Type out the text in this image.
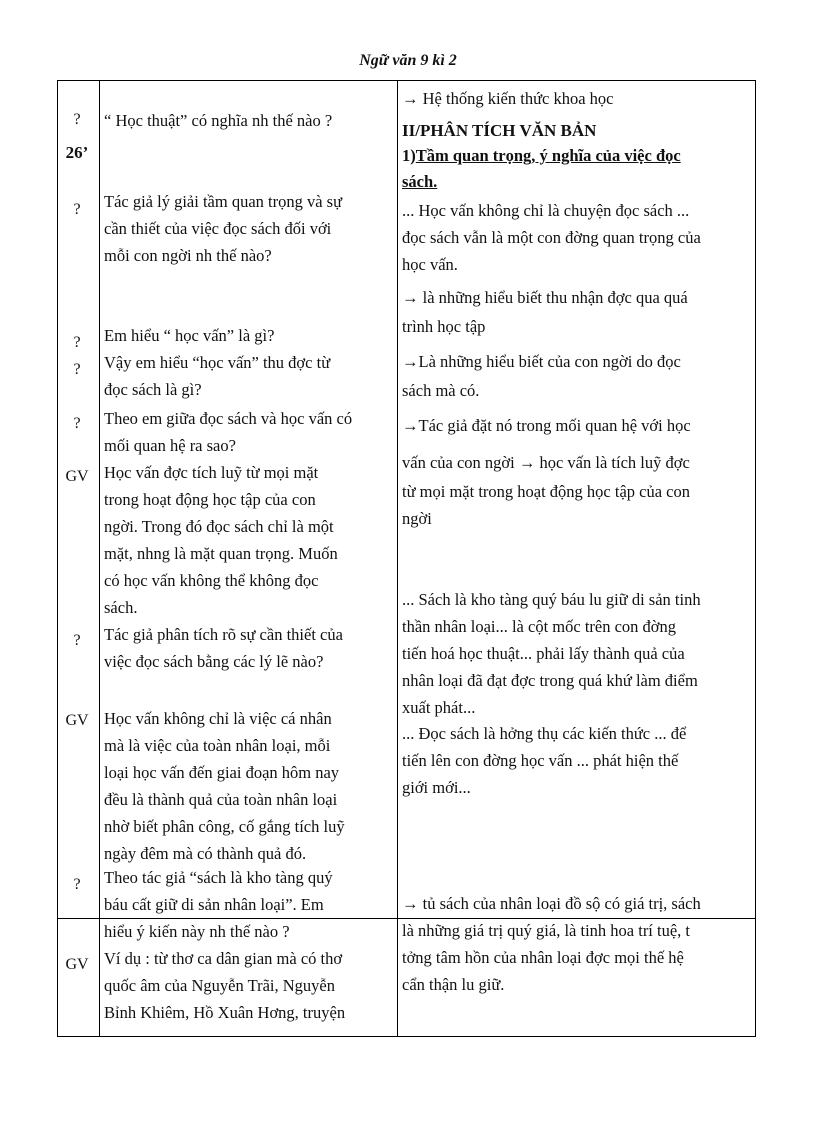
Ngữ văn 9 kì 2
?
26’
?
?
?
?
GV
?
GV
?
GV
“ Học thuật” có nghĩa nh thế nào ?
Tác giả lý giải tầm quan trọng và sự
cần thiết của việc đọc sách đối với
mỗi con ngời nh thế nào?
Em hiểu “ học vấn” là gì?
Vậy em hiểu “học vấn” thu đợc từ
đọc sách là gì?
Theo em giữa đọc sách và học vấn có
mối quan hệ ra sao?
Học vấn đợc tích luỹ từ mọi mặt
trong hoạt động học tập của con
ngời. Trong đó đọc sách chỉ là một
mặt, nhng là mặt quan trọng. Muốn
có học vấn không thể không đọc
sách.
Tác giả phân tích rõ sự cần thiết của
việc đọc sách bằng các lý lẽ nào?
Học vấn không chỉ là việc cá nhân
mà là việc của toàn nhân loại, mỗi
loại học vấn đến giai đoạn hôm nay
đều là thành quả của toàn nhân loại
nhờ biết phân công, cố gắng tích luỹ
ngày đêm mà có thành quả đó.
Theo tác giả “sách là kho tàng quý
báu cất giữ di sản nhân loại”. Em
hiểu ý kiến này nh thế nào ?
Ví dụ : từ thơ ca dân gian mà có thơ
quốc âm của Nguyễn Trãi, Nguyễn
Bỉnh Khiêm, Hồ Xuân Hơng, truyện
→ Hệ thống kiến thức khoa học
II/PHÂN TÍCH VĂN BẢN
1)Tầm quan trọng, ý nghĩa của việc đọc
sách.
... Học vấn không chỉ là chuyện đọc sách ...
đọc sách vẫn là một con đờng quan trọng của
học vấn.
→ là những hiểu biết thu nhận đợc qua quá
trình học tập
→Là những hiểu biết của con ngời do đọc
sách mà có.
→Tác giả đặt nó trong mối quan hệ với học
vấn của con ngời → học vấn là tích luỹ đợc
từ mọi mặt trong hoạt động học tập của con
ngời
... Sách là kho tàng quý báu lu giữ di sản tinh
thần nhân loại... là cột mốc trên con đờng
tiến hoá học thuật... phải lấy thành quả của
nhân loại đã đạt đợc trong quá khứ làm điểm
xuất phát...
... Đọc sách là hởng thụ các kiến thức ... để
tiến lên con đờng học vấn ... phát hiện thế
giới mới...
→ tủ sách của nhân loại đồ sộ có giá trị, sách
là những giá trị quý giá, là tinh hoa trí tuệ, t
tởng tâm hồn của nhân loại đợc mọi thế hệ
cẩn thận lu giữ.
